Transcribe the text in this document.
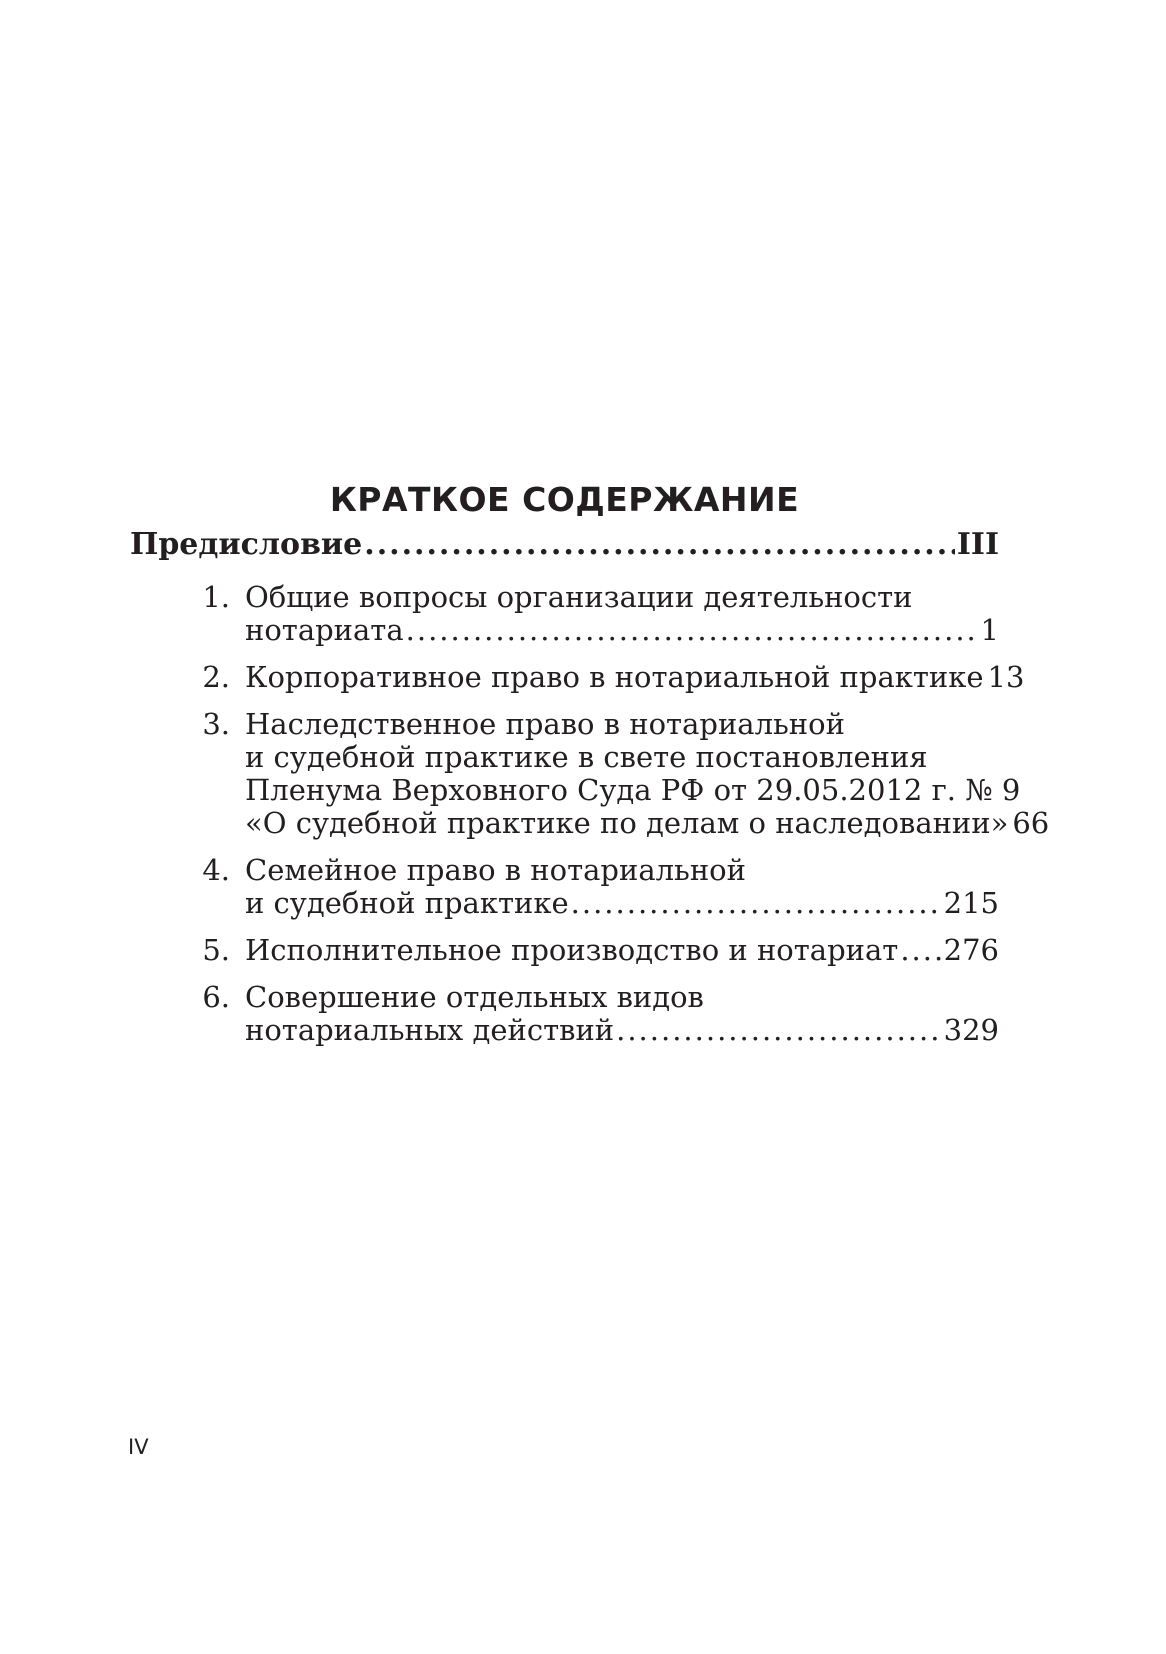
КРАТКОЕ СОДЕРЖАНИЕ
Предисловие .....	III
1. Общие вопросы организации деятельности
нотариата .....	1
2. Корпоративное право в нотариальной практике 13
3. Наследственное право в нотариальной
и судебной практике в свете постановления
Пленума Верховного Суда РФ от 29.05.2012 г. № 9
«О судебной практике по делам о наследовании» 66
4. Семейное право в нотариальной
и судебной практике .....	215
5. Исполнительное производство и нотариат ..... 276
6. Совершение отдельных видов
нотариальных действий .....	329
IV
